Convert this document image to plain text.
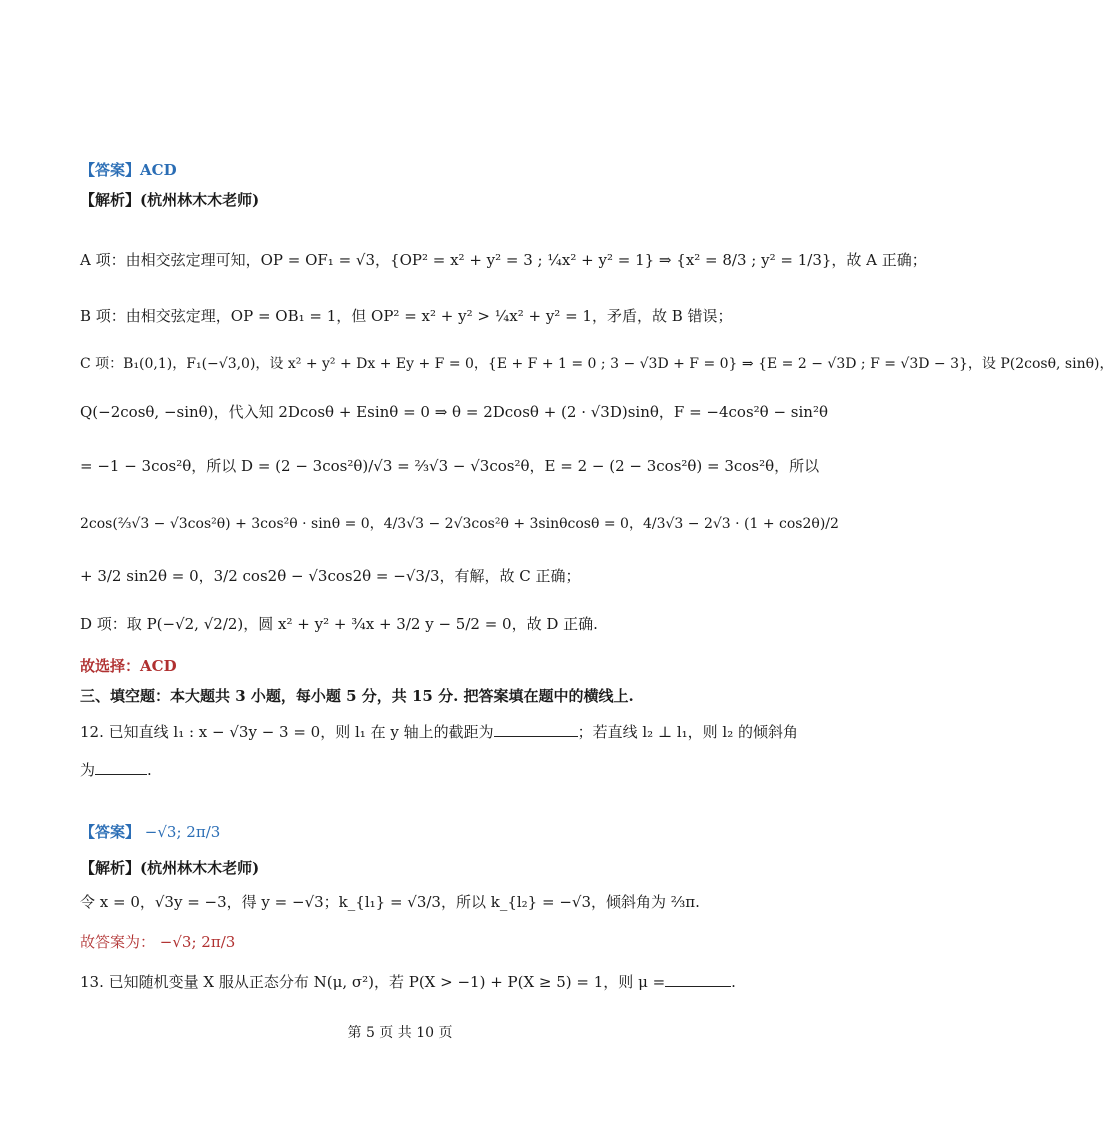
【答案】ACD
【解析】(杭州林木木老师)
A 项：由相交弦定理可知，OP = OF₁ = √3，{OP² = x² + y² = 3 ; ¼x² + y² = 1} ⇒ {x² = 8/3 ; y² = 1/3}，故 A 正确；
B 项：由相交弦定理，OP = OB₁ = 1，但 OP² = x² + y² > ¼x² + y² = 1，矛盾，故 B 错误；
C 项：B₁(0,1)，F₁(−√3,0)，设 x² + y² + Dx + Ey + F = 0，{E + F + 1 = 0 ; 3 − √3D + F = 0} ⇒ {E = 2 − √3D ; F = √3D − 3}，设 P(2cosθ, sinθ)，
Q(−2cosθ, −sinθ)，代入知 2Dcosθ + Esinθ = 0 ⇒ θ = 2Dcosθ + (2 · √3D)sinθ，F = −4cos²θ − sin²θ
= −1 − 3cos²θ，所以 D = (2 − 3cos²θ)/√3 = ⅔√3 − √3cos²θ，E = 2 − (2 − 3cos²θ) = 3cos²θ，所以
2cos(⅔√3 − √3cos²θ) + 3cos²θ · sinθ = 0，4/3√3 − 2√3cos²θ + 3sinθcosθ = 0，4/3√3 − 2√3 · (1 + cos2θ)/2
+ 3/2 sin2θ = 0，3/2 cos2θ − √3cos2θ = −√3/3，有解，故 C 正确；
D 项：取 P(−√2, √2/2)，圆 x² + y² + ¾x + 3/2 y − 5/2 = 0，故 D 正确.
故选择：ACD
三、填空题：本大题共 3 小题，每小题 5 分，共 15 分. 把答案填在题中的横线上.
12. 已知直线 l₁ : x − √3y − 3 = 0，则 l₁ 在 y 轴上的截距为	；若直线 l₂ ⊥ l₁，则 l₂ 的倾斜角
为	.
【答案】 −√3; 2π/3
【解析】(杭州林木木老师)
令 x = 0，√3y = −3，得 y = −√3；k_{l₁} = √3/3，所以 k_{l₂} = −√3，倾斜角为 ⅔π.
故答案为： −√3; 2π/3
13. 已知随机变量 X 服从正态分布 N(μ, σ²)，若 P(X > −1) + P(X ≥ 5) = 1，则 μ =	.
第 5 页 共 10 页
